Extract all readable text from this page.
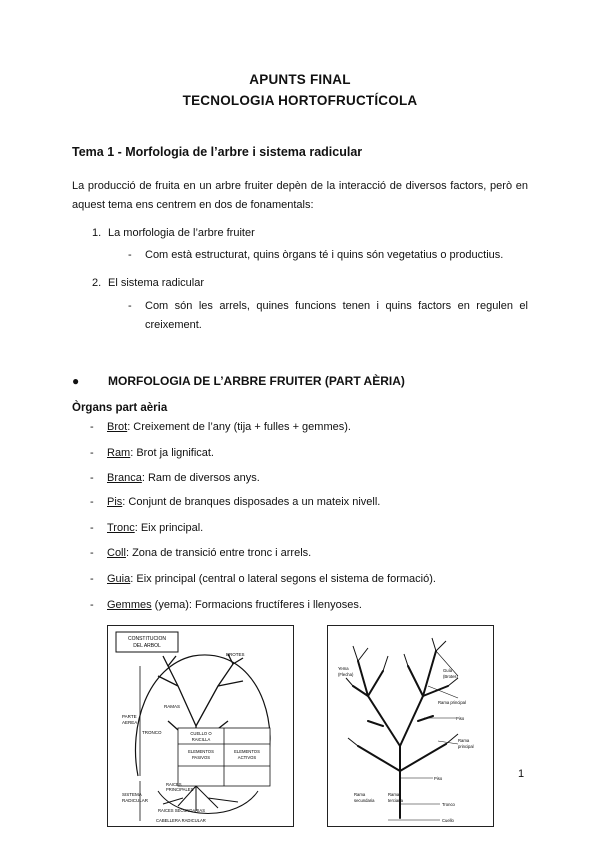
APUNTS FINAL
TECNOLOGIA HORTOFRUCTÍCOLA
Tema 1 - Morfologia de l’arbre i sistema radicular
La producció de fruita en un arbre fruiter depèn de la interacció de diversos factors, però en aquest tema ens centrem en dos de fonamentals:
1. La morfologia de l’arbre fruiter
- Com està estructurat, quins òrgans té i quins són vegetatius o productius.
2. El sistema radicular
- Com són les arrels, quines funcions tenen i quins factors en regulen el creixement.
● MORFOLOGIA DE L’ARBRE FRUITER (PART AÈRIA)
Òrgans part aèria
- Brot: Creixement de l’any (tija + fulles + gemmes).
- Ram: Brot ja lignificat.
- Branca: Ram de diversos anys.
- Pis: Conjunt de branques disposades a un mateix nivell.
- Tronc: Eix principal.
- Coll: Zona de transició entre tronc i arrels.
- Guia: Eix principal (central o lateral segons el sistema de formació).
- Gemmes (yema): Formacions fructíferes i llenyoses.
CONSTITUCION
DEL ARBOL
CUELLO O
RAICILLA
ELEMENTOS
PASIVOS
ELEMENTOS
ACTIVOS
PARTE
AEREA
SISTEMA
RADICULAR
BROTES
RAMAS
TRONCO
RAICES
PRINCIPALES
RAICES SECUNDARIAS
CABELLERA RADICULAR
Yema
(Flecha)
Guía
(Brotes)
Rama principal
Piso
Rama
principal
Piso
Tronco
Cuello
Rama
secundaria
Rama
terciaria
1
